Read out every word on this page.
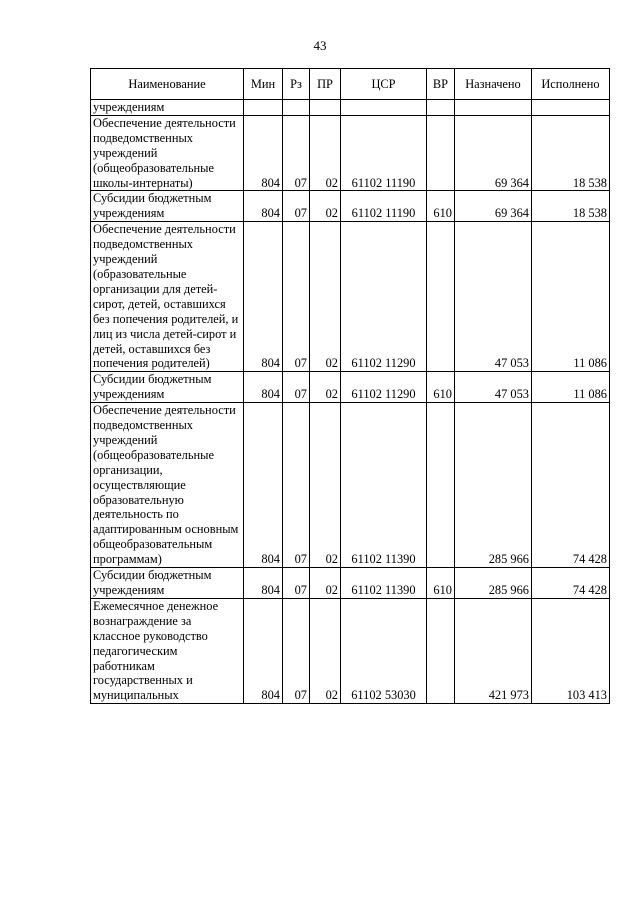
43
Наименование	Мин	Рз	ПР	ЦСР	ВР	Назначено	Исполнено
учреждениям							
Обеспечение деятельности подведомственных учреждений (общеобразовательные школы-интернаты)	804	07	02	61102 11190		69 364	18 538
Субсидии бюджетным учреждениям	804	07	02	61102 11190	610	69 364	18 538
Обеспечение деятельности подведомственных учреждений (образовательные организации для детей-сирот, детей, оставшихся без попечения родителей, и лиц из числа детей-сирот и детей, оставшихся без попечения родителей)	804	07	02	61102 11290		47 053	11 086
Субсидии бюджетным учреждениям	804	07	02	61102 11290	610	47 053	11 086
Обеспечение деятельности подведомственных учреждений (общеобразовательные организации, осуществляющие образовательную деятельность по адаптированным основным общеобразовательным программам)	804	07	02	61102 11390		285 966	74 428
Субсидии бюджетным учреждениям	804	07	02	61102 11390	610	285 966	74 428
Ежемесячное денежное вознаграждение за классное руководство педагогическим работникам государственных и муниципальных	804	07	02	61102 53030		421 973	103 413
